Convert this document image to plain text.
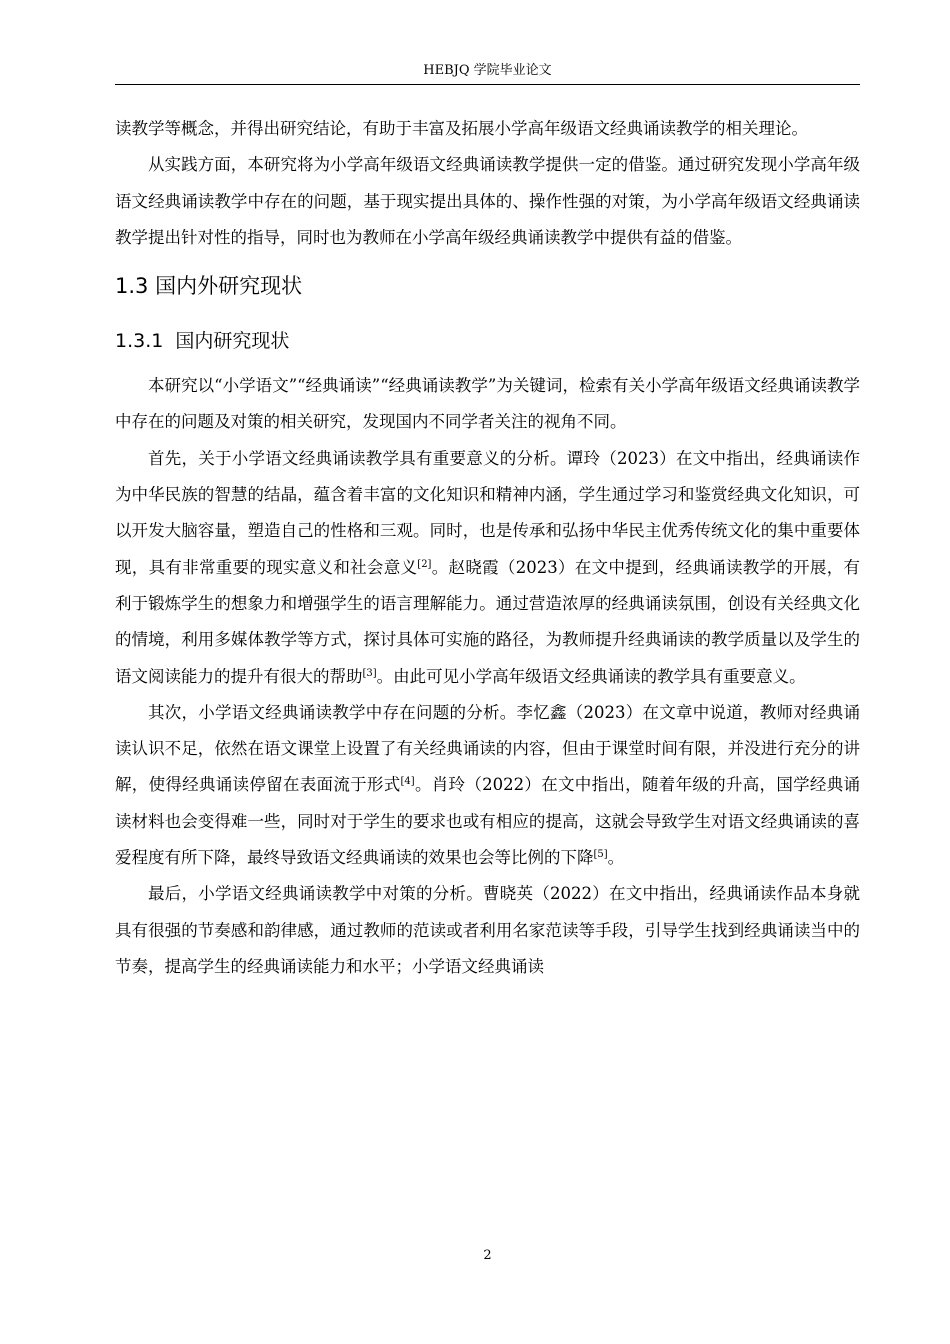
HEBJQ 学院毕业论文

读教学等概念，并得出研究结论，有助于丰富及拓展小学高年级语文经典诵读教学的相关理论。

从实践方面，本研究将为小学高年级语文经典诵读教学提供一定的借鉴。通过研究发现小学高年级语文经典诵读教学中存在的问题，基于现实提出具体的、操作性强的对策，为小学高年级语文经典诵读教学提出针对性的指导，同时也为教师在小学高年级经典诵读教学中提供有益的借鉴。

1.3 国内外研究现状
1.3.1 国内研究现状

本研究以“小学语文”“经典诵读”“经典诵读教学”为关键词，检索有关小学高年级语文经典诵读教学中存在的问题及对策的相关研究，发现国内不同学者关注的视角不同。

首先，关于小学语文经典诵读教学具有重要意义的分析。谭玲（2023）在文中指出，经典诵读作为中华民族的智慧的结晶，蕴含着丰富的文化知识和精神内涵，学生通过学习和鉴赏经典文化知识，可以开发大脑容量，塑造自己的性格和三观。同时，也是传承和弘扬中华民主优秀传统文化的集中重要体现，具有非常重要的现实意义和社会意义[2]。赵晓霞（2023）在文中提到，经典诵读教学的开展，有利于锻炼学生的想象力和增强学生的语言理解能力。通过营造浓厚的经典诵读氛围，创设有关经典文化的情境，利用多媒体教学等方式，探讨具体可实施的路径，为教师提升经典诵读的教学质量以及学生的语文阅读能力的提升有很大的帮助[3]。由此可见小学高年级语文经典诵读的教学具有重要意义。

其次，小学语文经典诵读教学中存在问题的分析。李忆鑫（2023）在文章中说道，教师对经典诵读认识不足，依然在语文课堂上设置了有关经典诵读的内容，但由于课堂时间有限，并没进行充分的讲解，使得经典诵读停留在表面流于形式[4]。肖玲（2022）在文中指出，随着年级的升高，国学经典诵读材料也会变得难一些，同时对于学生的要求也或有相应的提高，这就会导致学生对语文经典诵读的喜爱程度有所下降，最终导致语文经典诵读的效果也会等比例的下降[5]。

最后，小学语文经典诵读教学中对策的分析。曹晓英（2022）在文中指出，经典诵读作品本身就具有很强的节奏感和韵律感，通过教师的范读或者利用名家范读等手段，引导学生找到经典诵读当中的节奏，提高学生的经典诵读能力和水平；小学语文经典诵读

2
